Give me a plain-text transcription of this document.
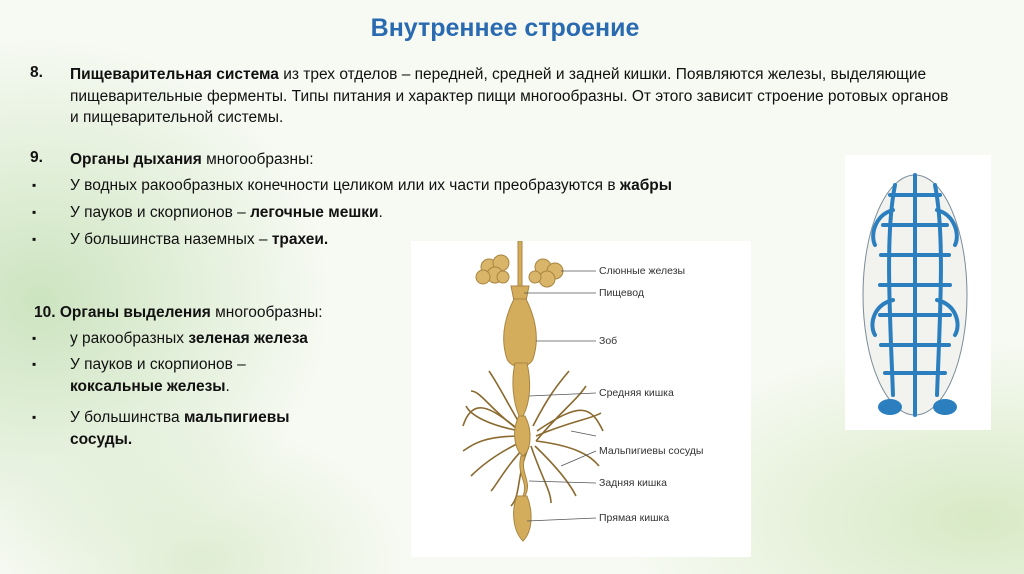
Внутреннее строение
8. Пищеварительная система из трех отделов – передней, средней и задней кишки. Появляются железы, выделяющие пищеварительные ферменты. Типы питания и характер пищи многообразны. От этого зависит строение ротовых органов и пищеварительной системы.
9. Органы дыхания многообразны:
▪ У водных ракообразных конечности целиком или их части преобразуются в жабры
▪ У пауков и скорпионов – легочные мешки.
▪ У большинства наземных – трахеи.
10. Органы выделения многообразны:
▪ у ракообразных зеленая железа
▪ У пауков и скорпионов –
коксальные железы.
▪ У большинства мальпигиевы
сосуды.
Слюнные железы
Пищевод
Зоб
Средняя кишка
Мальпигиевы сосуды
Задняя кишка
Прямая кишка
